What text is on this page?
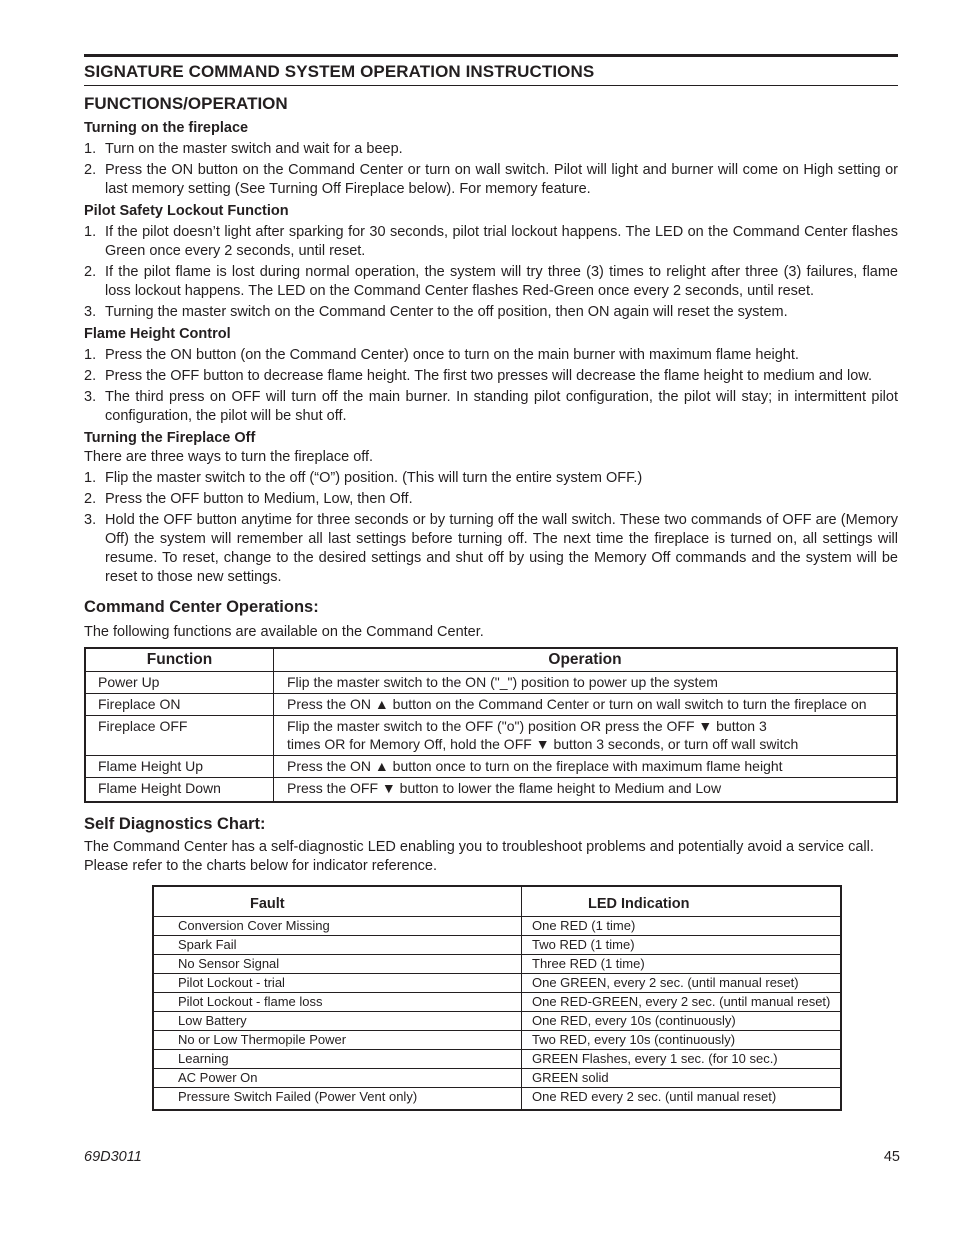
SIGNATURE COMMAND SYSTEM OPERATION INSTRUCTIONS
FUNCTIONS/OPERATION
Turning on the fireplace
1. Turn on the master switch and wait for a beep.
2. Press the ON button on the Command Center or turn on wall switch. Pilot will light and burner will come on High setting or last memory setting (See Turning Off Fireplace below). For memory feature.
Pilot Safety Lockout Function
1. If the pilot doesn’t light after sparking for 30 seconds, pilot trial lockout happens. The LED on the Command Center flashes Green once every 2 seconds, until reset.
2. If the pilot flame is lost during normal operation, the system will try three (3) times to relight after three (3) failures, flame loss lockout happens. The LED on the Command Center flashes Red-Green once every 2 seconds, until reset.
3. Turning the master switch on the Command Center to the off position, then ON again will reset the system.
Flame Height Control
1. Press the ON button (on the Command Center) once to turn on the main burner with maximum flame height.
2. Press the OFF button to decrease flame height. The first two presses will decrease the flame height to medium and low.
3. The third press on OFF will turn off the main burner. In standing pilot configuration, the pilot will stay; in intermittent pilot configuration, the pilot will be shut off.
Turning the Fireplace Off
There are three ways to turn the fireplace off.
1. Flip the master switch to the off (“O”) position. (This will turn the entire system OFF.)
2. Press the OFF button to Medium, Low, then Off.
3. Hold the OFF button anytime for three seconds or by turning off the wall switch. These two commands of OFF are (Memory Off) the system will remember all last settings before turning off. The next time the fireplace is turned on, all settings will resume. To reset, change to the desired settings and shut off by using the Memory Off commands and the system will be reset to those new settings.
Command Center Operations:
The following functions are available on the Command Center.
Function	Operation
Power Up	Flip the master switch to the ON ("_") position to power up the system
Fireplace ON	Press the ON ▲ button on the Command Center or turn on wall switch to turn the fireplace on
Fireplace OFF	Flip the master switch to the OFF ("o") position OR press the OFF ▼ button 3
times OR for Memory Off, hold the OFF ▼ button 3 seconds, or turn off wall switch
Flame Height Up	Press the ON ▲ button once to turn on the fireplace with maximum flame height
Flame Height Down	Press the OFF ▼ button to lower the flame height to Medium and Low
Self Diagnostics Chart:
The Command Center has a self-diagnostic LED enabling you to troubleshoot problems and potentially avoid a service call. Please refer to the charts below for indicator reference.
Fault	LED Indication
Conversion Cover Missing	One RED (1 time)
Spark Fail	Two RED (1 time)
No Sensor Signal	Three RED (1 time)
Pilot Lockout - trial	One GREEN, every 2 sec. (until manual reset)
Pilot Lockout - flame loss	One RED-GREEN, every 2 sec. (until manual reset)
Low Battery	One RED, every 10s (continuously)
No or Low Thermopile Power	Two RED, every 10s (continuously)
Learning	GREEN Flashes, every 1 sec. (for 10 sec.)
AC Power On	GREEN solid
Pressure Switch Failed (Power Vent only)	One RED every 2 sec. (until manual reset)
69D3011	45
